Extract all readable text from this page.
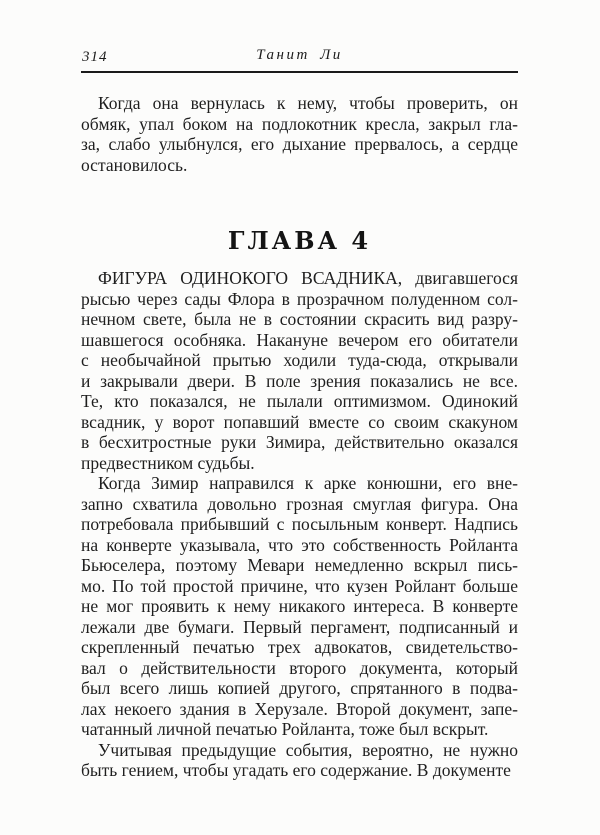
314	Танит Ли
Когда она вернулась к нему, чтобы проверить, он
обмяк, упал боком на подлокотник кресла, закрыл гла-
за, слабо улыбнулся, его дыхание прервалось, а сердце
остановилось.
ГЛАВА 4
ФИГУРА ОДИНОКОГО ВСАДНИКА, двигавшегося
рысью через сады Флора в прозрачном полуденном сол-
нечном свете, была не в состоянии скрасить вид разру-
шавшегося особняка. Накануне вечером его обитатели
с необычайной прытью ходили туда-сюда, открывали
и закрывали двери. В поле зрения показались не все.
Те, кто показался, не пылали оптимизмом. Одинокий
всадник, у ворот попавший вместе со своим скакуном
в бесхитростные руки Зимира, действительно оказался
предвестником судьбы.
Когда Зимир направился к арке конюшни, его вне-
запно схватила довольно грозная смуглая фигура. Она
потребовала прибывший с посыльным конверт. Надпись
на конверте указывала, что это собственность Ройланта
Бьюселера, поэтому Мевари немедленно вскрыл пись-
мо. По той простой причине, что кузен Ройлант больше
не мог проявить к нему никакого интереса. В конверте
лежали две бумаги. Первый пергамент, подписанный и
скрепленный печатью трех адвокатов, свидетельство-
вал о действительности второго документа, который
был всего лишь копией другого, спрятанного в подва-
лах некоего здания в Херузале. Второй документ, запе-
чатанный личной печатью Ройланта, тоже был вскрыт.
Учитывая предыдущие события, вероятно, не нужно
быть гением, чтобы угадать его содержание. В документе
